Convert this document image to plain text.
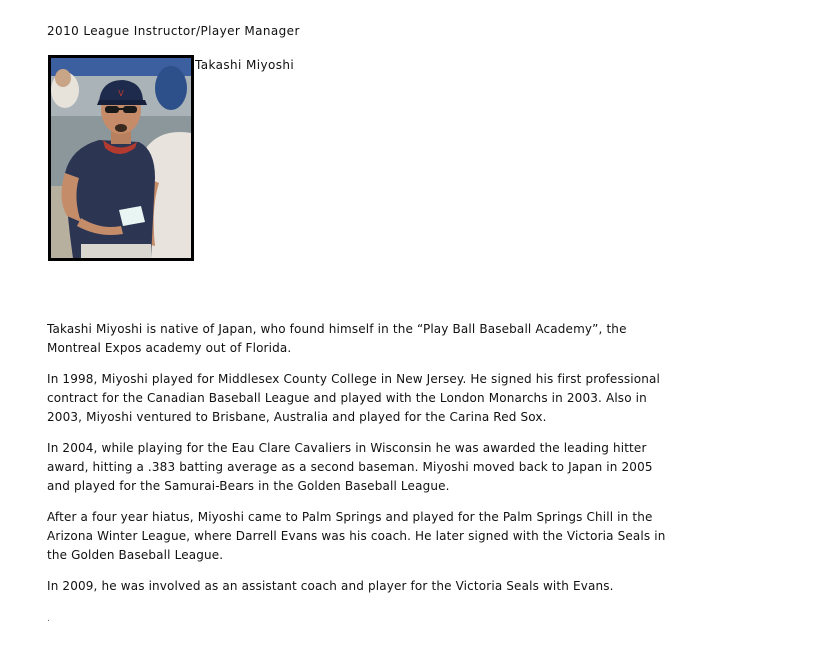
2010 League Instructor/Player Manager
V
Takashi Miyoshi

Takashi Miyoshi is native of Japan, who found himself in the “Play Ball Baseball Academy”, the
Montreal Expos academy out of Florida.

In 1998, Miyoshi played for Middlesex County College in New Jersey. He signed his first professional
contract for the Canadian Baseball League and played with the London Monarchs in 2003. Also in
2003, Miyoshi ventured to Brisbane, Australia and played for the Carina Red Sox.

In 2004, while playing for the Eau Clare Cavaliers in Wisconsin he was awarded the leading hitter
award, hitting a .383 batting average as a second baseman. Miyoshi moved back to Japan in 2005
and played for the Samurai-Bears in the Golden Baseball League.

After a four year hiatus, Miyoshi came to Palm Springs and played for the Palm Springs Chill in the
Arizona Winter League, where Darrell Evans was his coach. He later signed with the Victoria Seals in
the Golden Baseball League.

In 2009, he was involved as an assistant coach and player for the Victoria Seals with Evans.

.
